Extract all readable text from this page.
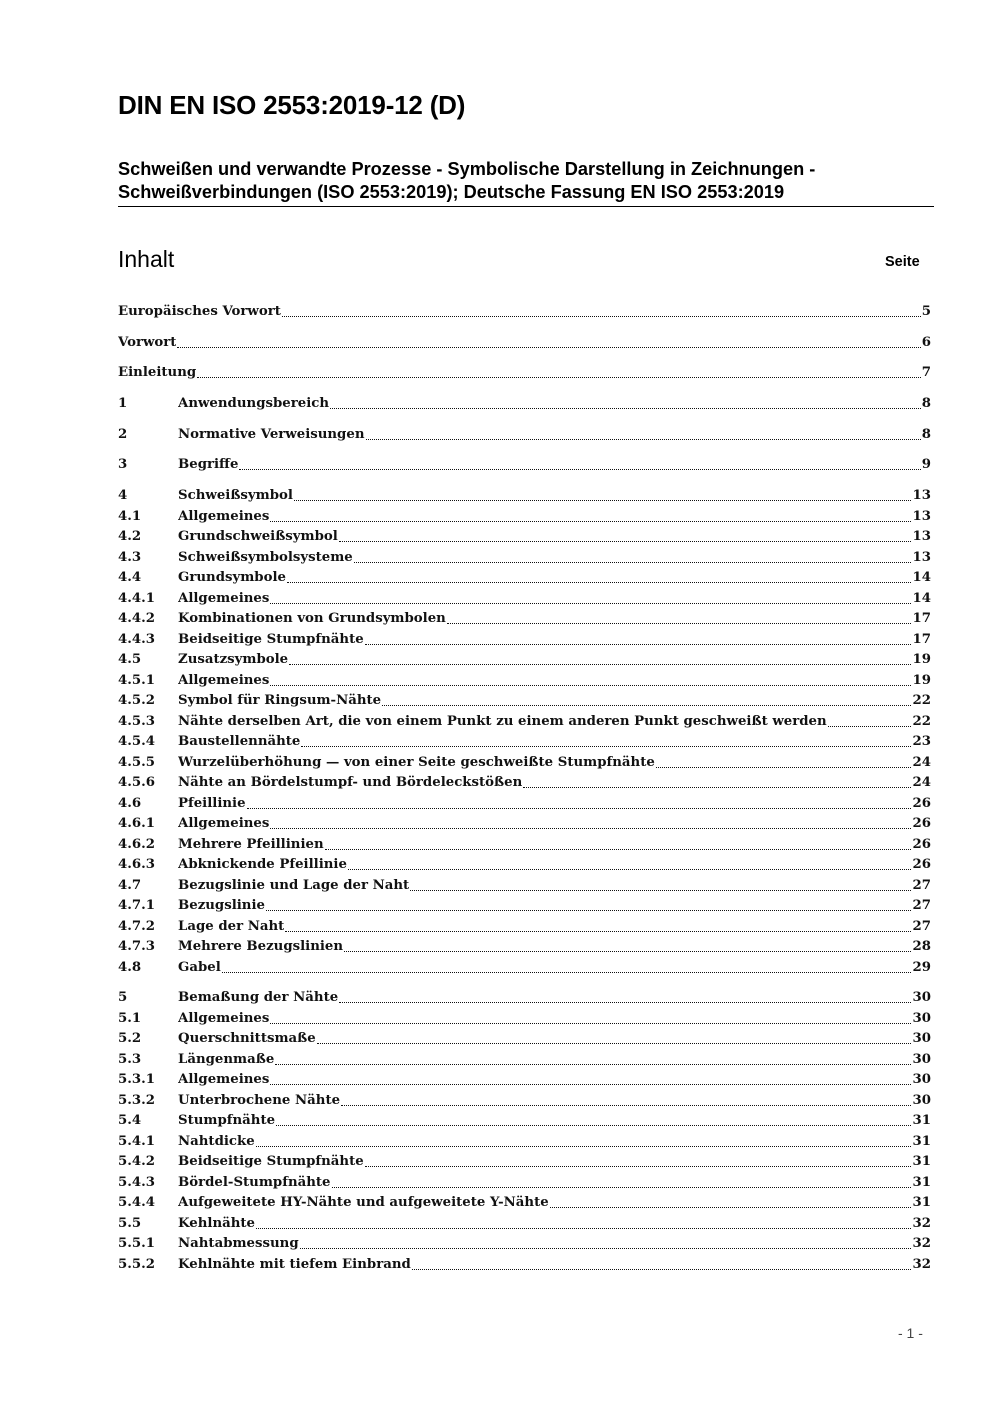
DIN EN ISO 2553:2019-12 (D)
Schweißen und verwandte Prozesse - Symbolische Darstellung in Zeichnungen -
Schweißverbindungen (ISO 2553:2019); Deutsche Fassung EN ISO 2553:2019
Inhalt	Seite
Europäisches Vorwort	5
Vorwort	6
Einleitung	7
1	Anwendungsbereich	8
2	Normative Verweisungen	8
3	Begriffe	9
4	Schweißsymbol	13
4.1	Allgemeines	13
4.2	Grundschweißsymbol	13
4.3	Schweißsymbolsysteme	13
4.4	Grundsymbole	14
4.4.1	Allgemeines	14
4.4.2	Kombinationen von Grundsymbolen	17
4.4.3	Beidseitige Stumpfnähte	17
4.5	Zusatzsymbole	19
4.5.1	Allgemeines	19
4.5.2	Symbol für Ringsum-Nähte	22
4.5.3	Nähte derselben Art, die von einem Punkt zu einem anderen Punkt geschweißt werden	22
4.5.4	Baustellennähte	23
4.5.5	Wurzelüberhöhung — von einer Seite geschweißte Stumpfnähte	24
4.5.6	Nähte an Bördelstumpf- und Bördeleckstößen	24
4.6	Pfeillinie	26
4.6.1	Allgemeines	26
4.6.2	Mehrere Pfeillinien	26
4.6.3	Abknickende Pfeillinie	26
4.7	Bezugslinie und Lage der Naht	27
4.7.1	Bezugslinie	27
4.7.2	Lage der Naht	27
4.7.3	Mehrere Bezugslinien	28
4.8	Gabel	29
5	Bemaßung der Nähte	30
5.1	Allgemeines	30
5.2	Querschnittsmaße	30
5.3	Längenmaße	30
5.3.1	Allgemeines	30
5.3.2	Unterbrochene Nähte	30
5.4	Stumpfnähte	31
5.4.1	Nahtdicke	31
5.4.2	Beidseitige Stumpfnähte	31
5.4.3	Bördel-Stumpfnähte	31
5.4.4	Aufgeweitete HY-Nähte und aufgeweitete Y-Nähte	31
5.5	Kehlnähte	32
5.5.1	Nahtabmessung	32
5.5.2	Kehlnähte mit tiefem Einbrand	32
- 1 -
